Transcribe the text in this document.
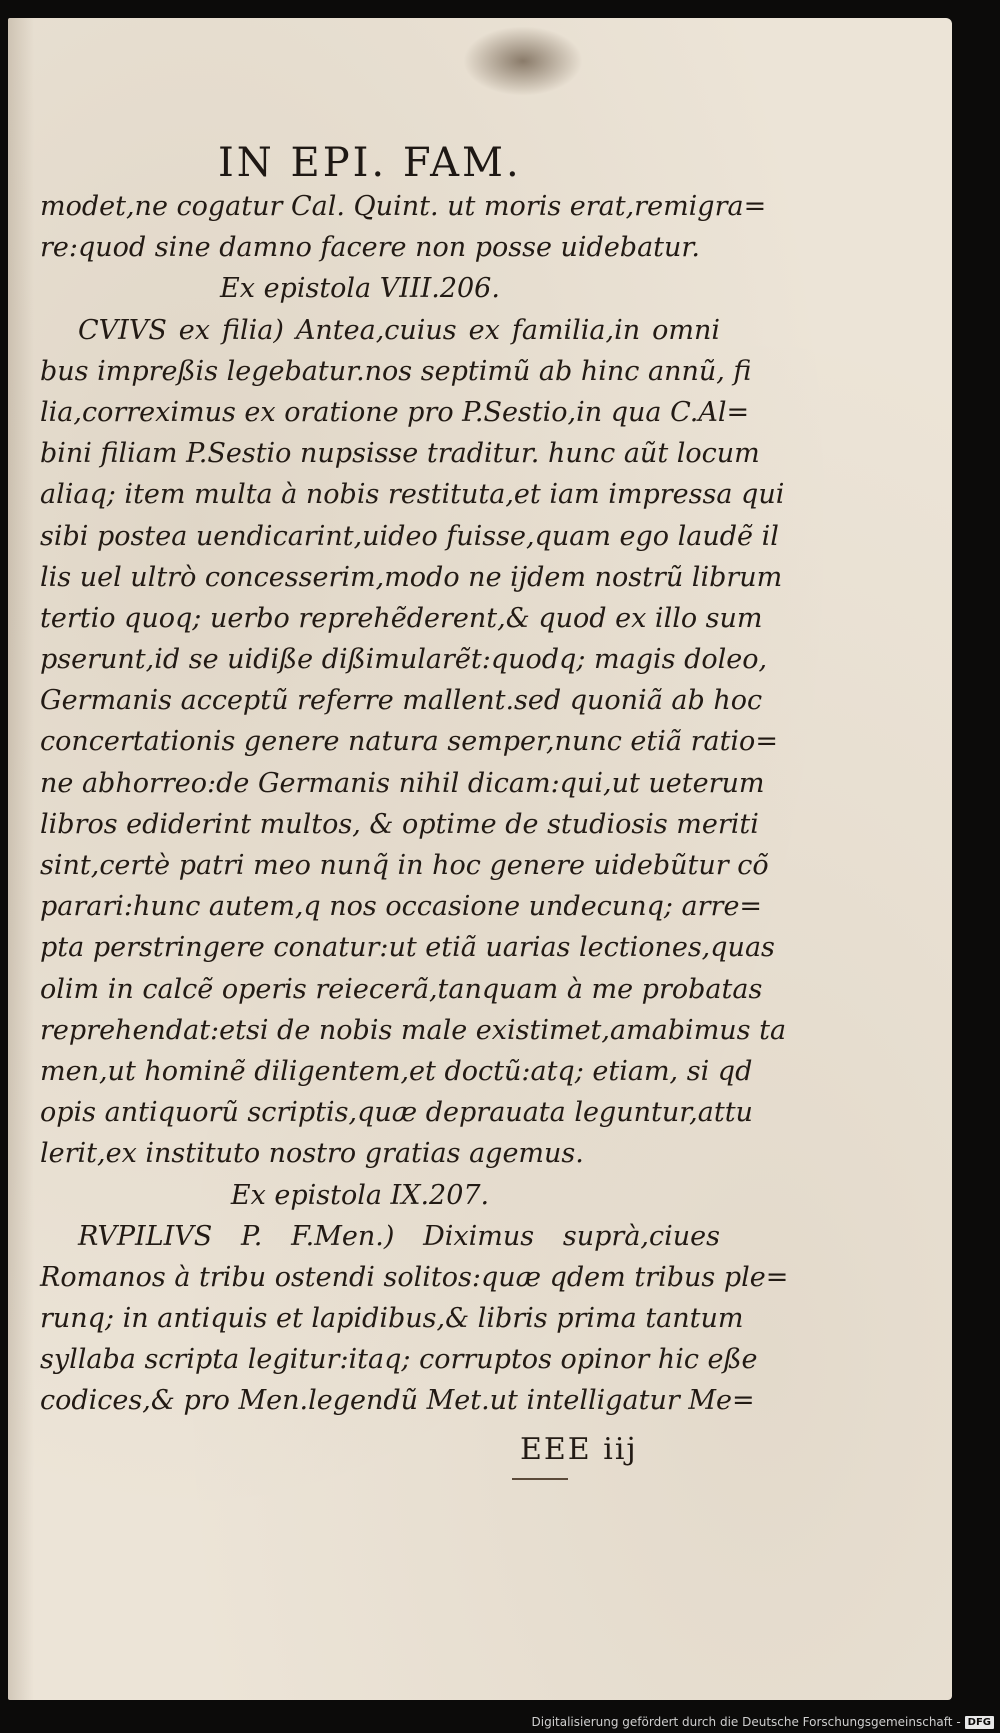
IN EPI. FAM.
modet,ne cogatur Cal. Quint. ut moris erat,remigra=
re:quod sine damno facere non posse uidebatur.
Ex epistola VIII.206.
CVIVS ex filia) Antea,cuius ex familia,in omni
bus impreßis legebatur.nos septimũ ab hinc annũ, fi
lia,correximus ex oratione pro P.Sestio,in qua C.Al=
bini filiam P.Sestio nupsisse traditur. hunc aũt locum
aliaq; item multa à nobis restituta,et iam impressa qui
sibi postea uendicarint,uideo fuisse,quam ego laudẽ il
lis uel ultrò concesserim,modo ne ijdem nostrũ librum
tertio quoq; uerbo reprehẽderent,& quod ex illo sum
pserunt,id se uidiße dißimularẽt:quodq; magis doleo,
Germanis acceptũ referre mallent.sed quoniã ab hoc
concertationis genere natura semper,nunc etiã ratio=
ne abhorreo:de Germanis nihil dicam:qui,ut ueterum
libros ediderint multos, & optime de studiosis meriti
sint,certè patri meo nunq̃ in hoc genere uidebũtur cõ
parari:hunc autem,q nos occasione undecunq; arre=
pta perstringere conatur:ut etiã uarias lectiones,quas
olim in calcẽ operis reiecerã,tanquam à me probatas
reprehendat:etsi de nobis male existimet,amabimus ta
men,ut hominẽ diligentem,et doctũ:atq; etiam, si qd
opis antiquorũ scriptis,quæ deprauata leguntur,attu
lerit,ex instituto nostro gratias agemus.
Ex epistola IX.207.
RVPILIVS P. F.Men.) Diximus suprà,ciues
Romanos à tribu ostendi solitos:quæ qdem tribus ple=
runq; in antiquis et lapidibus,& libris prima tantum
syllaba scripta legitur:itaq; corruptos opinor hic eße
codices,& pro Men.legendũ Met.ut intelligatur Me=
EEE iij
Digitalisierung gefördert durch die Deutsche Forschungsgemeinschaft - DFG
